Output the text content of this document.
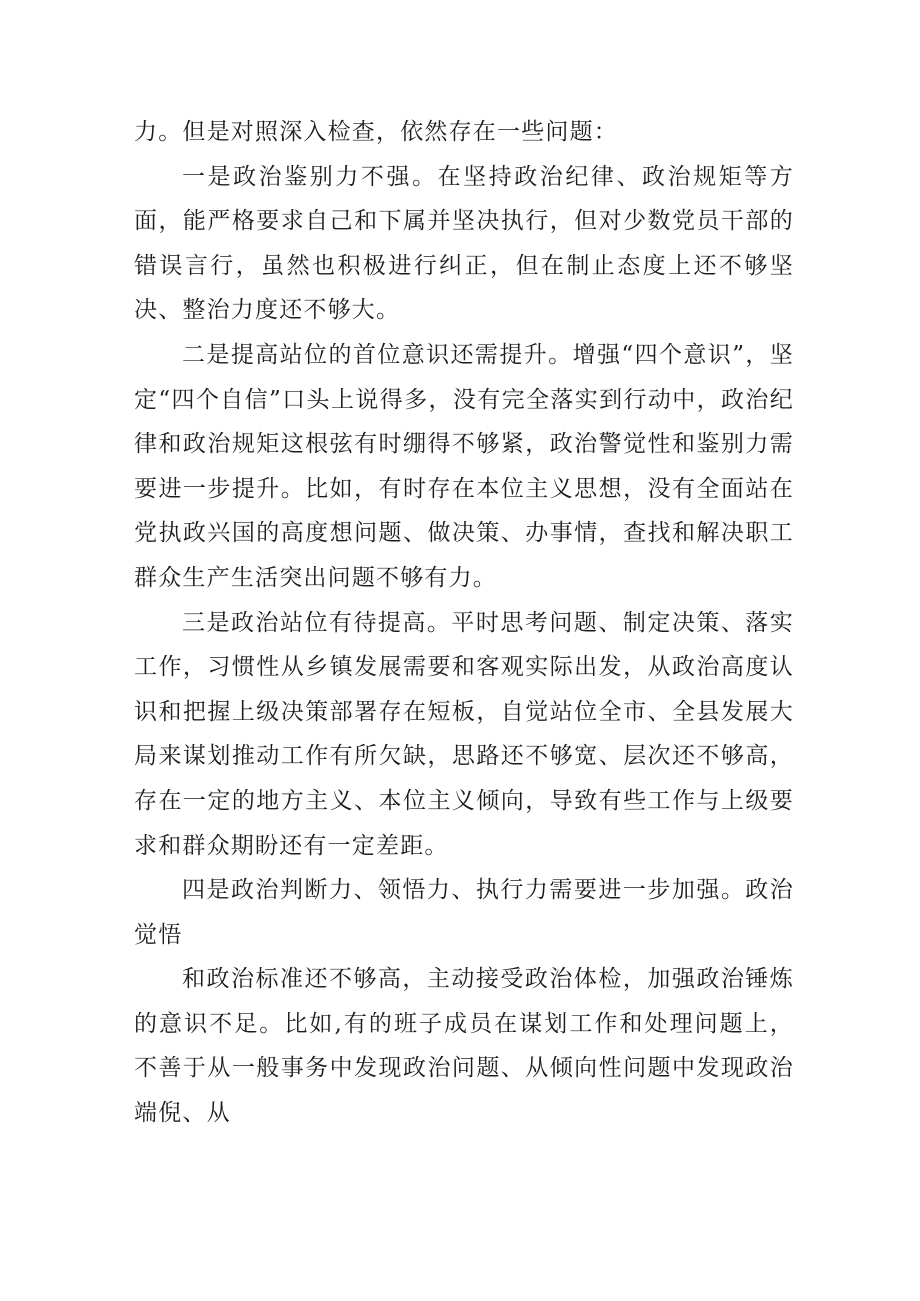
力。但是对照深入检查，依然存在一些问题：

一是政治鉴别力不强。在坚持政治纪律、政治规矩等方面，能严格要求自己和下属并坚决执行，但对少数党员干部的错误言行，虽然也积极进行纠正，但在制止态度上还不够坚决、整治力度还不够大。

二是提高站位的首位意识还需提升。增强“四个意识”，坚定“四个自信”口头上说得多，没有完全落实到行动中，政治纪律和政治规矩这根弦有时绷得不够紧，政治警觉性和鉴别力需要进一步提升。比如，有时存在本位主义思想，没有全面站在党执政兴国的高度想问题、做决策、办事情，查找和解决职工群众生产生活突出问题不够有力。

三是政治站位有待提高。平时思考问题、制定决策、落实工作，习惯性从乡镇发展需要和客观实际出发，从政治高度认识和把握上级决策部署存在短板，自觉站位全市、全县发展大局来谋划推动工作有所欠缺，思路还不够宽、层次还不够高，存在一定的地方主义、本位主义倾向，导致有些工作与上级要求和群众期盼还有一定差距。

四是政治判断力、领悟力、执行力需要进一步加强。政治觉悟

和政治标准还不够高，主动接受政治体检，加强政治锤炼的意识不足。比如,有的班子成员在谋划工作和处理问题上，不善于从一般事务中发现政治问题、从倾向性问题中发现政治端倪、从
